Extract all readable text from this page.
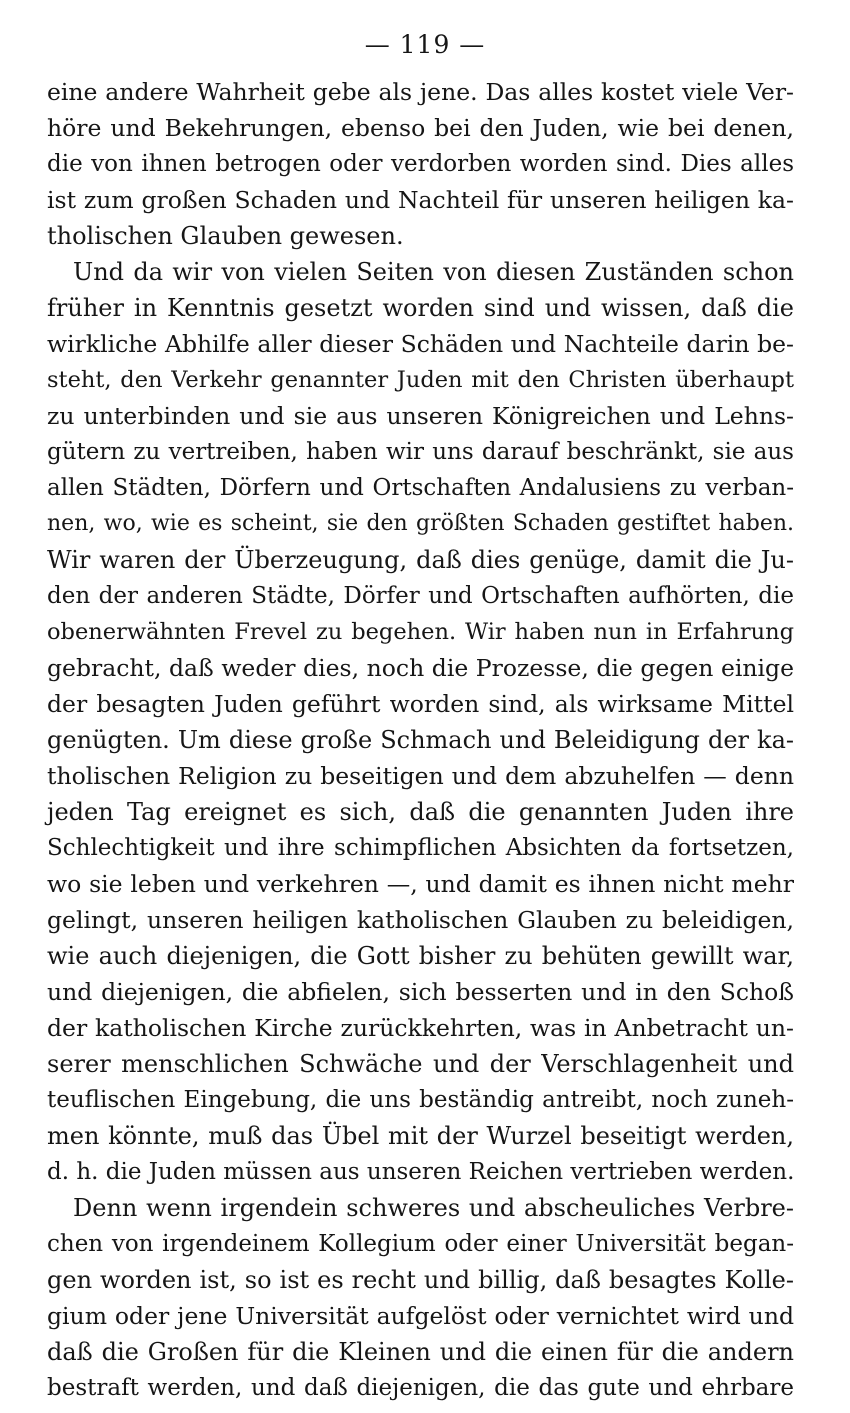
— 119 —
eine andere Wahrheit gebe als jene. Das alles kostet viele Ver-
höre und Bekehrungen, ebenso bei den Juden, wie bei denen,
die von ihnen betrogen oder verdorben worden sind. Dies alles
ist zum großen Schaden und Nachteil für unseren heiligen ka-
tholischen Glauben gewesen.
Und da wir von vielen Seiten von diesen Zuständen schon
früher in Kenntnis gesetzt worden sind und wissen, daß die
wirkliche Abhilfe aller dieser Schäden und Nachteile darin be-
steht, den Verkehr genannter Juden mit den Christen überhaupt
zu unterbinden und sie aus unseren Königreichen und Lehns-
gütern zu vertreiben, haben wir uns darauf beschränkt, sie aus
allen Städten, Dörfern und Ortschaften Andalusiens zu verban-
nen, wo, wie es scheint, sie den größten Schaden gestiftet haben.
Wir waren der Überzeugung, daß dies genüge, damit die Ju-
den der anderen Städte, Dörfer und Ortschaften aufhörten, die
obenerwähnten Frevel zu begehen. Wir haben nun in Erfahrung
gebracht, daß weder dies, noch die Prozesse, die gegen einige
der besagten Juden geführt worden sind, als wirksame Mittel
genügten. Um diese große Schmach und Beleidigung der ka-
tholischen Religion zu beseitigen und dem abzuhelfen — denn
jeden Tag ereignet es sich, daß die genannten Juden ihre
Schlechtigkeit und ihre schimpflichen Absichten da fortsetzen,
wo sie leben und verkehren —, und damit es ihnen nicht mehr
gelingt, unseren heiligen katholischen Glauben zu beleidigen,
wie auch diejenigen, die Gott bisher zu behüten gewillt war,
und diejenigen, die abfielen, sich besserten und in den Schoß
der katholischen Kirche zurückkehrten, was in Anbetracht un-
serer menschlichen Schwäche und der Verschlagenheit und
teuflischen Eingebung, die uns beständig antreibt, noch zuneh-
men könnte, muß das Übel mit der Wurzel beseitigt werden,
d. h. die Juden müssen aus unseren Reichen vertrieben werden.
Denn wenn irgendein schweres und abscheuliches Verbre-
chen von irgendeinem Kollegium oder einer Universität began-
gen worden ist, so ist es recht und billig, daß besagtes Kolle-
gium oder jene Universität aufgelöst oder vernichtet wird und
daß die Großen für die Kleinen und die einen für die andern
bestraft werden, und daß diejenigen, die das gute und ehrbare
